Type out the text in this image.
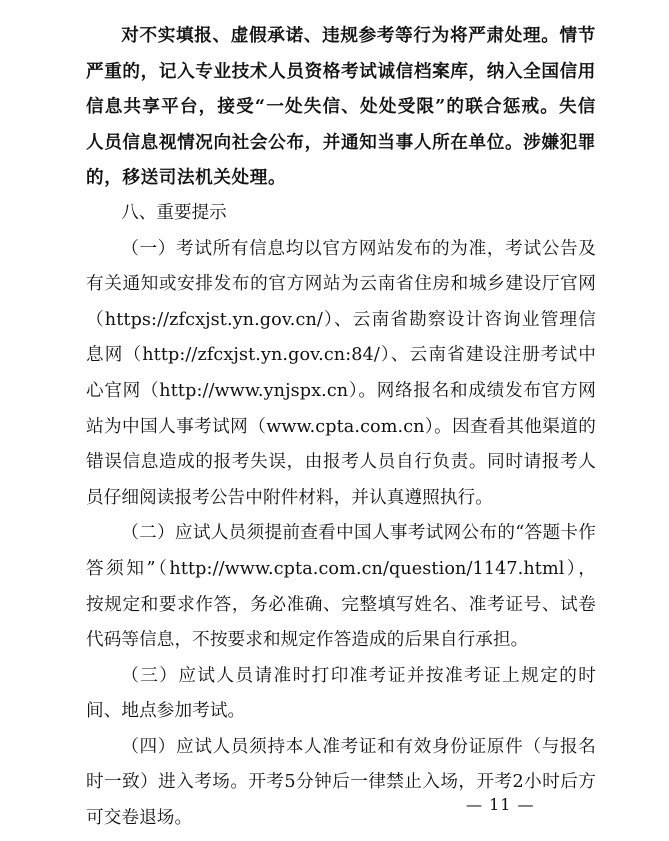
对不实填报、虚假承诺、违规参考等行为将严肃处理。情节严重的，记入专业技术人员资格考试诚信档案库，纳入全国信用信息共享平台，接受“一处失信、处处受限”的联合惩戒。失信人员信息视情况向社会公布，并通知当事人所在单位。涉嫌犯罪的，移送司法机关处理。

八、重要提示

（一）考试所有信息均以官方网站发布的为准，考试公告及有关通知或安排发布的官方网站为云南省住房和城乡建设厅官网（https://zfcxjst.yn.gov.cn/）、云南省勘察设计咨询业管理信息网（http://zfcxjst.yn.gov.cn:84/）、云南省建设注册考试中心官网（http://www.ynjspx.cn）。网络报名和成绩发布官方网站为中国人事考试网（www.cpta.com.cn）。因查看其他渠道的错误信息造成的报考失误，由报考人员自行负责。同时请报考人员仔细阅读报考公告中附件材料，并认真遵照执行。

（二）应试人员须提前查看中国人事考试网公布的“答题卡作答须知”（http://www.cpta.com.cn/question/1147.html），按规定和要求作答，务必准确、完整填写姓名、准考证号、试卷代码等信息，不按要求和规定作答造成的后果自行承担。

（三）应试人员请准时打印准考证并按准考证上规定的时间、地点参加考试。

（四）应试人员须持本人准考证和有效身份证原件（与报名时一致）进入考场。开考5分钟后一律禁止入场，开考2小时后方可交卷退场。

— 11 —
